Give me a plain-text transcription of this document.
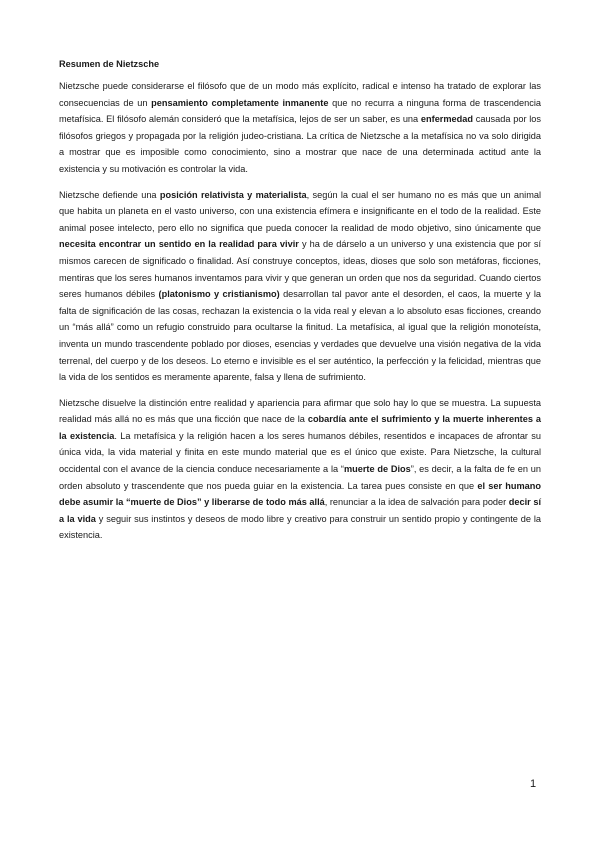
Resumen de Nietzsche

Nietzsche puede considerarse el filósofo que de un modo más explícito, radical e intenso ha tratado de explorar las consecuencias de un pensamiento completamente inmanente que no recurra a ninguna forma de trascendencia metafísica. El filósofo alemán consideró que la metafísica, lejos de ser un saber, es una enfermedad causada por los filósofos griegos y propagada por la religión judeo-cristiana. La crítica de Nietzsche a la metafísica no va solo dirigida a mostrar que es imposible como conocimiento, sino a mostrar que nace de una determinada actitud ante la existencia y su motivación es controlar la vida.

Nietzsche defiende una posición relativista y materialista, según la cual el ser humano no es más que un animal que habita un planeta en el vasto universo, con una existencia efímera e insignificante en el todo de la realidad. Este animal posee intelecto, pero ello no significa que pueda conocer la realidad de modo objetivo, sino únicamente que necesita encontrar un sentido en la realidad para vivir y ha de dárselo a un universo y una existencia que por sí mismos carecen de significado o finalidad. Así construye conceptos, ideas, dioses que solo son metáforas, ficciones, mentiras que los seres humanos inventamos para vivir y que generan un orden que nos da seguridad. Cuando ciertos seres humanos débiles (platonismo y cristianismo) desarrollan tal pavor ante el desorden, el caos, la muerte y la falta de significación de las cosas, rechazan la existencia o la vida real y elevan a lo absoluto esas ficciones, creando un “más allá” como un refugio construido para ocultarse la finitud. La metafísica, al igual que la religión monoteísta, inventa un mundo trascendente poblado por dioses, esencias y verdades que devuelve una visión negativa de la vida terrenal, del cuerpo y de los deseos. Lo eterno e invisible es el ser auténtico, la perfección y la felicidad, mientras que la vida de los sentidos es meramente aparente, falsa y llena de sufrimiento.

Nietzsche disuelve la distinción entre realidad y apariencia para afirmar que solo hay lo que se muestra. La supuesta realidad más allá no es más que una ficción que nace de la cobardía ante el sufrimiento y la muerte inherentes a la existencia. La metafísica y la religión hacen a los seres humanos débiles, resentidos e incapaces de afrontar su única vida, la vida material y finita en este mundo material que es el único que existe. Para Nietzsche, la cultural occidental con el avance de la ciencia conduce necesariamente a la “muerte de Dios”, es decir, a la falta de fe en un orden absoluto y trascendente que nos pueda guiar en la existencia. La tarea pues consiste en que el ser humano debe asumir la “muerte de Dios” y liberarse de todo más allá, renunciar a la idea de salvación para poder decir sí a la vida y seguir sus instintos y deseos de modo libre y creativo para construir un sentido propio y contingente de la existencia.

1
